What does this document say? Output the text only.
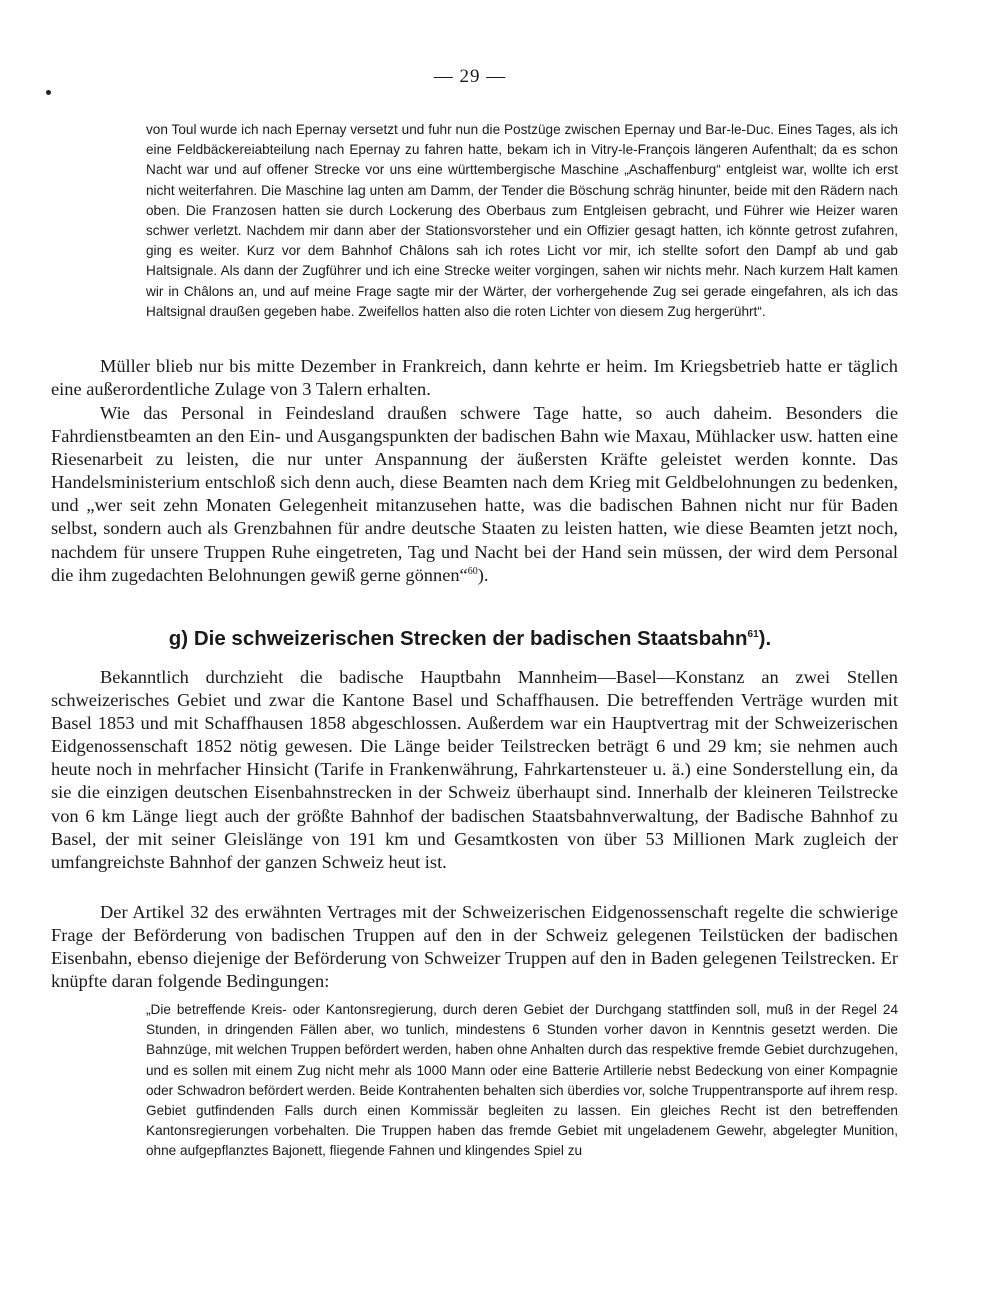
— 29 —

von Toul wurde ich nach Epernay versetzt und fuhr nun die Postzüge zwischen Epernay und Bar-le-Duc. Eines Tages, als ich eine Feldbäckereiabteilung nach Epernay zu fahren hatte, bekam ich in Vitry-le-François längeren Aufenthalt; da es schon Nacht war und auf offener Strecke vor uns eine württembergische Maschine „Aschaffenburg“ entgleist war, wollte ich erst nicht weiterfahren. Die Maschine lag unten am Damm, der Tender die Böschung schräg hinunter, beide mit den Rädern nach oben. Die Franzosen hatten sie durch Lockerung des Oberbaus zum Entgleisen gebracht, und Führer wie Heizer waren schwer verletzt. Nachdem mir dann aber der Stationsvorsteher und ein Offizier gesagt hatten, ich könnte getrost zufahren, ging es weiter. Kurz vor dem Bahnhof Châlons sah ich rotes Licht vor mir, ich stellte sofort den Dampf ab und gab Haltsignale. Als dann der Zugführer und ich eine Strecke weiter vorgingen, sahen wir nichts mehr. Nach kurzem Halt kamen wir in Châlons an, und auf meine Frage sagte mir der Wärter, der vorhergehende Zug sei gerade eingefahren, als ich das Haltsignal draußen gegeben habe. Zweifellos hatten also die roten Lichter von diesem Zug hergerührt“.

Müller blieb nur bis mitte Dezember in Frankreich, dann kehrte er heim. Im Kriegsbetrieb hatte er täglich eine außerordentliche Zulage von 3 Talern erhalten.

Wie das Personal in Feindesland draußen schwere Tage hatte, so auch daheim. Besonders die Fahrdienstbeamten an den Ein- und Ausgangspunkten der badischen Bahn wie Maxau, Mühlacker usw. hatten eine Riesenarbeit zu leisten, die nur unter Anspannung der äußersten Kräfte geleistet werden konnte. Das Handelsministerium entschloß sich denn auch, diese Beamten nach dem Krieg mit Geldbelohnungen zu bedenken, und „wer seit zehn Monaten Gelegenheit mitanzusehen hatte, was die badischen Bahnen nicht nur für Baden selbst, sondern auch als Grenzbahnen für andre deutsche Staaten zu leisten hatten, wie diese Beamten jetzt noch, nachdem für unsere Truppen Ruhe eingetreten, Tag und Nacht bei der Hand sein müssen, der wird dem Personal die ihm zugedachten Belohnungen gewiß gerne gönnen“$^{60}$).

g) Die schweizerischen Strecken der badischen Staatsbahn$^{61}$).

Bekanntlich durchzieht die badische Hauptbahn Mannheim—Basel—Konstanz an zwei Stellen schweizerisches Gebiet und zwar die Kantone Basel und Schaffhausen. Die betreffenden Verträge wurden mit Basel 1853 und mit Schaffhausen 1858 abgeschlossen. Außerdem war ein Hauptvertrag mit der Schweizerischen Eidgenossenschaft 1852 nötig gewesen. Die Länge beider Teilstrecken beträgt 6 und 29 km; sie nehmen auch heute noch in mehrfacher Hinsicht (Tarife in Frankenwährung, Fahrkartensteuer u. ä.) eine Sonderstellung ein, da sie die einzigen deutschen Eisenbahnstrecken in der Schweiz überhaupt sind. Innerhalb der kleineren Teilstrecke von 6 km Länge liegt auch der größte Bahnhof der badischen Staatsbahnverwaltung, der Badische Bahnhof zu Basel, der mit seiner Gleislänge von 191 km und Gesamtkosten von über 53 Millionen Mark zugleich der umfangreichste Bahnhof der ganzen Schweiz heut ist.

Der Artikel 32 des erwähnten Vertrages mit der Schweizerischen Eidgenossenschaft regelte die schwierige Frage der Beförderung von badischen Truppen auf den in der Schweiz gelegenen Teilstücken der badischen Eisenbahn, ebenso diejenige der Beförderung von Schweizer Truppen auf den in Baden gelegenen Teilstrecken. Er knüpfte daran folgende Bedingungen:

„Die betreffende Kreis- oder Kantonsregierung, durch deren Gebiet der Durchgang stattfinden soll, muß in der Regel 24 Stunden, in dringenden Fällen aber, wo tunlich, mindestens 6 Stunden vorher davon in Kenntnis gesetzt werden. Die Bahnzüge, mit welchen Truppen befördert werden, haben ohne Anhalten durch das respektive fremde Gebiet durchzugehen, und es sollen mit einem Zug nicht mehr als 1000 Mann oder eine Batterie Artillerie nebst Bedeckung von einer Kompagnie oder Schwadron befördert werden. Beide Kontrahenten behalten sich überdies vor, solche Truppentransporte auf ihrem resp. Gebiet gutfindenden Falls durch einen Kommissär begleiten zu lassen. Ein gleiches Recht ist den betreffenden Kantonsregierungen vorbehalten. Die Truppen haben das fremde Gebiet mit ungeladenem Gewehr, abgelegter Munition, ohne aufgepflanztes Bajonett, fliegende Fahnen und klingendes Spiel zu
